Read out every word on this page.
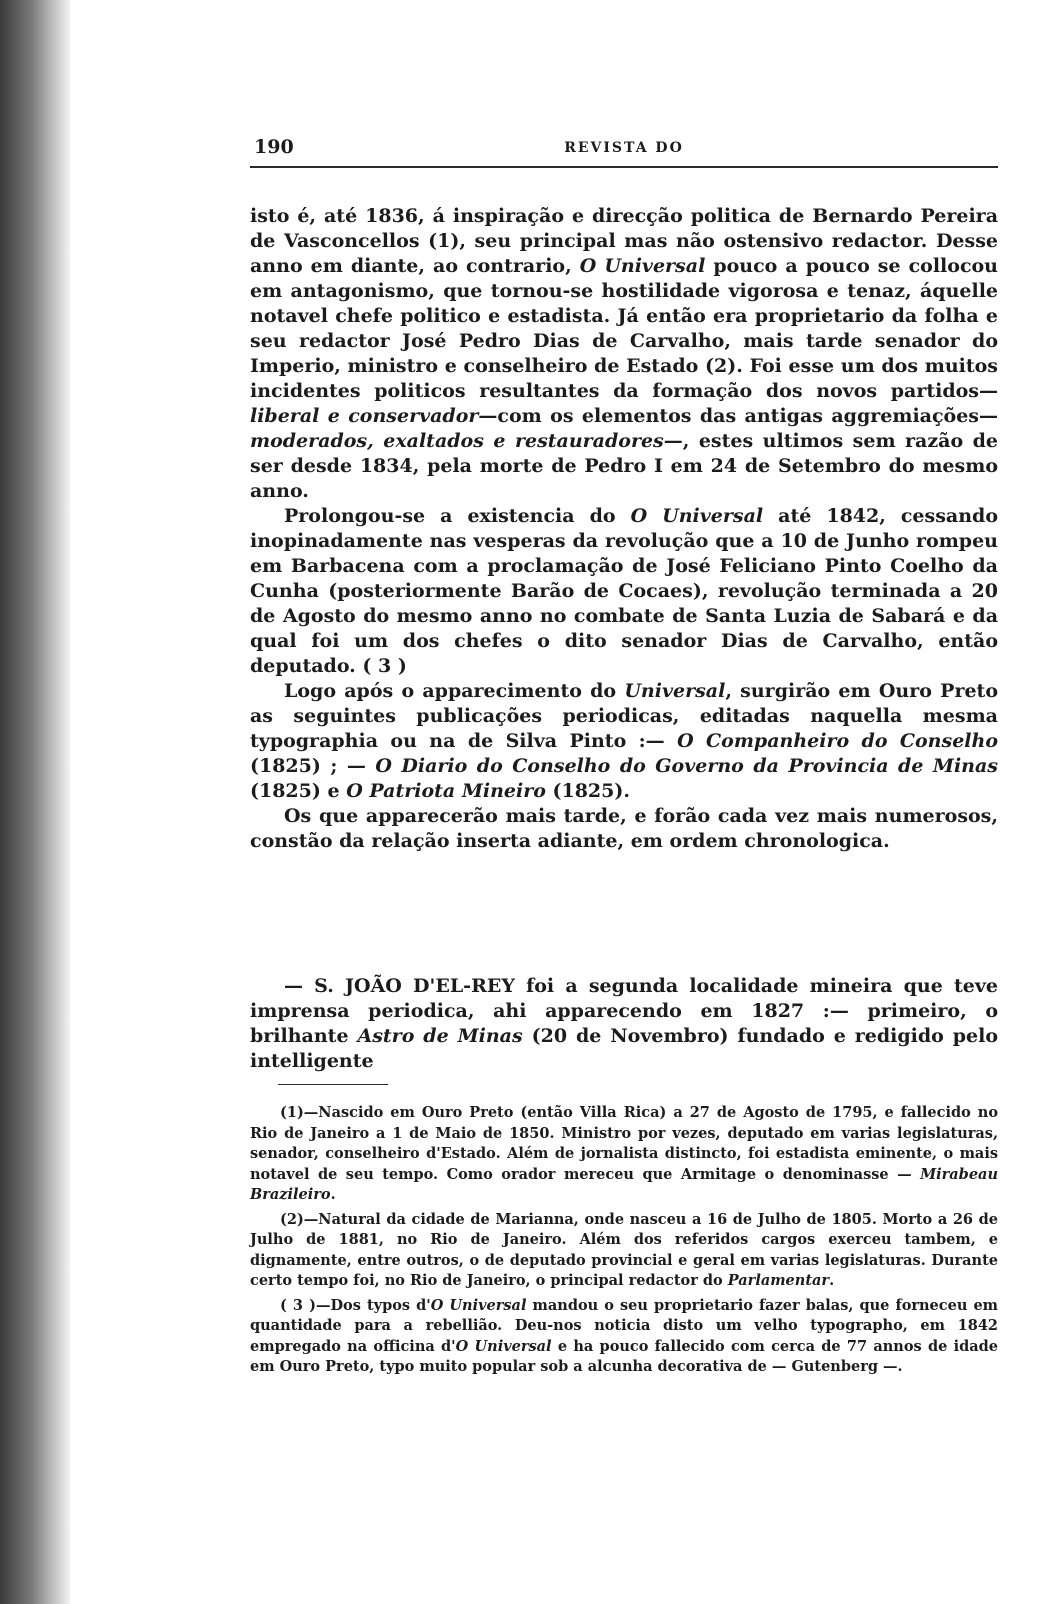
190	REVISTA DO

isto é, até 1836, á inspiração e direcção politica de Bernardo Pereira de Vasconcellos (1), seu principal mas não ostensivo redactor. Desse anno em diante, ao contrario, O Universal pouco a pouco se collocou em antagonismo, que tornou-se hostilidade vigorosa e tenaz, áquelle notavel chefe politico e estadista. Já então era proprietario da folha e seu redactor José Pedro Dias de Carvalho, mais tarde senador do Imperio, ministro e conselheiro de Estado (2). Foi esse um dos muitos incidentes politicos resultantes da formação dos novos partidos—liberal e conservador—com os elementos das antigas aggremiações—moderados, exaltados e restauradores—, estes ultimos sem razão de ser desde 1834, pela morte de Pedro I em 24 de Setembro do mesmo anno.

Prolongou-se a existencia do O Universal até 1842, cessando inopinadamente nas vesperas da revolução que a 10 de Junho rompeu em Barbacena com a proclamação de José Feliciano Pinto Coelho da Cunha (posteriormente Barão de Cocaes), revolução terminada a 20 de Agosto do mesmo anno no combate de Santa Luzia de Sabará e da qual foi um dos chefes o dito senador Dias de Carvalho, então deputado. ( 3 )

Logo após o apparecimento do Universal, surgirão em Ouro Preto as seguintes publicações periodicas, editadas naquella mesma typographia ou na de Silva Pinto :— O Companheiro do Conselho (1825) ; — O Diario do Conselho do Governo da Provincia de Minas (1825) e O Patriota Mineiro (1825).

Os que apparecerão mais tarde, e forão cada vez mais numerosos, constão da relação inserta adiante, em ordem chronologica.

— S. JOÃO D'EL-REY foi a segunda localidade mineira que teve imprensa periodica, ahi apparecendo em 1827 :— primeiro, o brilhante Astro de Minas (20 de Novembro) fundado e redigido pelo intelligente

(1)—Nascido em Ouro Preto (então Villa Rica) a 27 de Agosto de 1795, e fallecido no Rio de Janeiro a 1 de Maio de 1850. Ministro por vezes, deputado em varias legislaturas, senador, conselheiro d'Estado. Além de jornalista distincto, foi estadista eminente, o mais notavel de seu tempo. Como orador mereceu que Armitage o denominasse — Mirabeau Brazileiro.

(2)—Natural da cidade de Marianna, onde nasceu a 16 de Julho de 1805. Morto a 26 de Julho de 1881, no Rio de Janeiro. Além dos referidos cargos exerceu tambem, e dignamente, entre outros, o de deputado provincial e geral em varias legislaturas. Durante certo tempo foi, no Rio de Janeiro, o principal redactor do Parlamentar.

( 3 )—Dos typos d'O Universal mandou o seu proprietario fazer balas, que forneceu em quantidade para a rebellião. Deu-nos noticia disto um velho typographo, em 1842 empregado na officina d'O Universal e ha pouco fallecido com cerca de 77 annos de idade em Ouro Preto, typo muito popular sob a alcunha decorativa de — Gutenberg —.
